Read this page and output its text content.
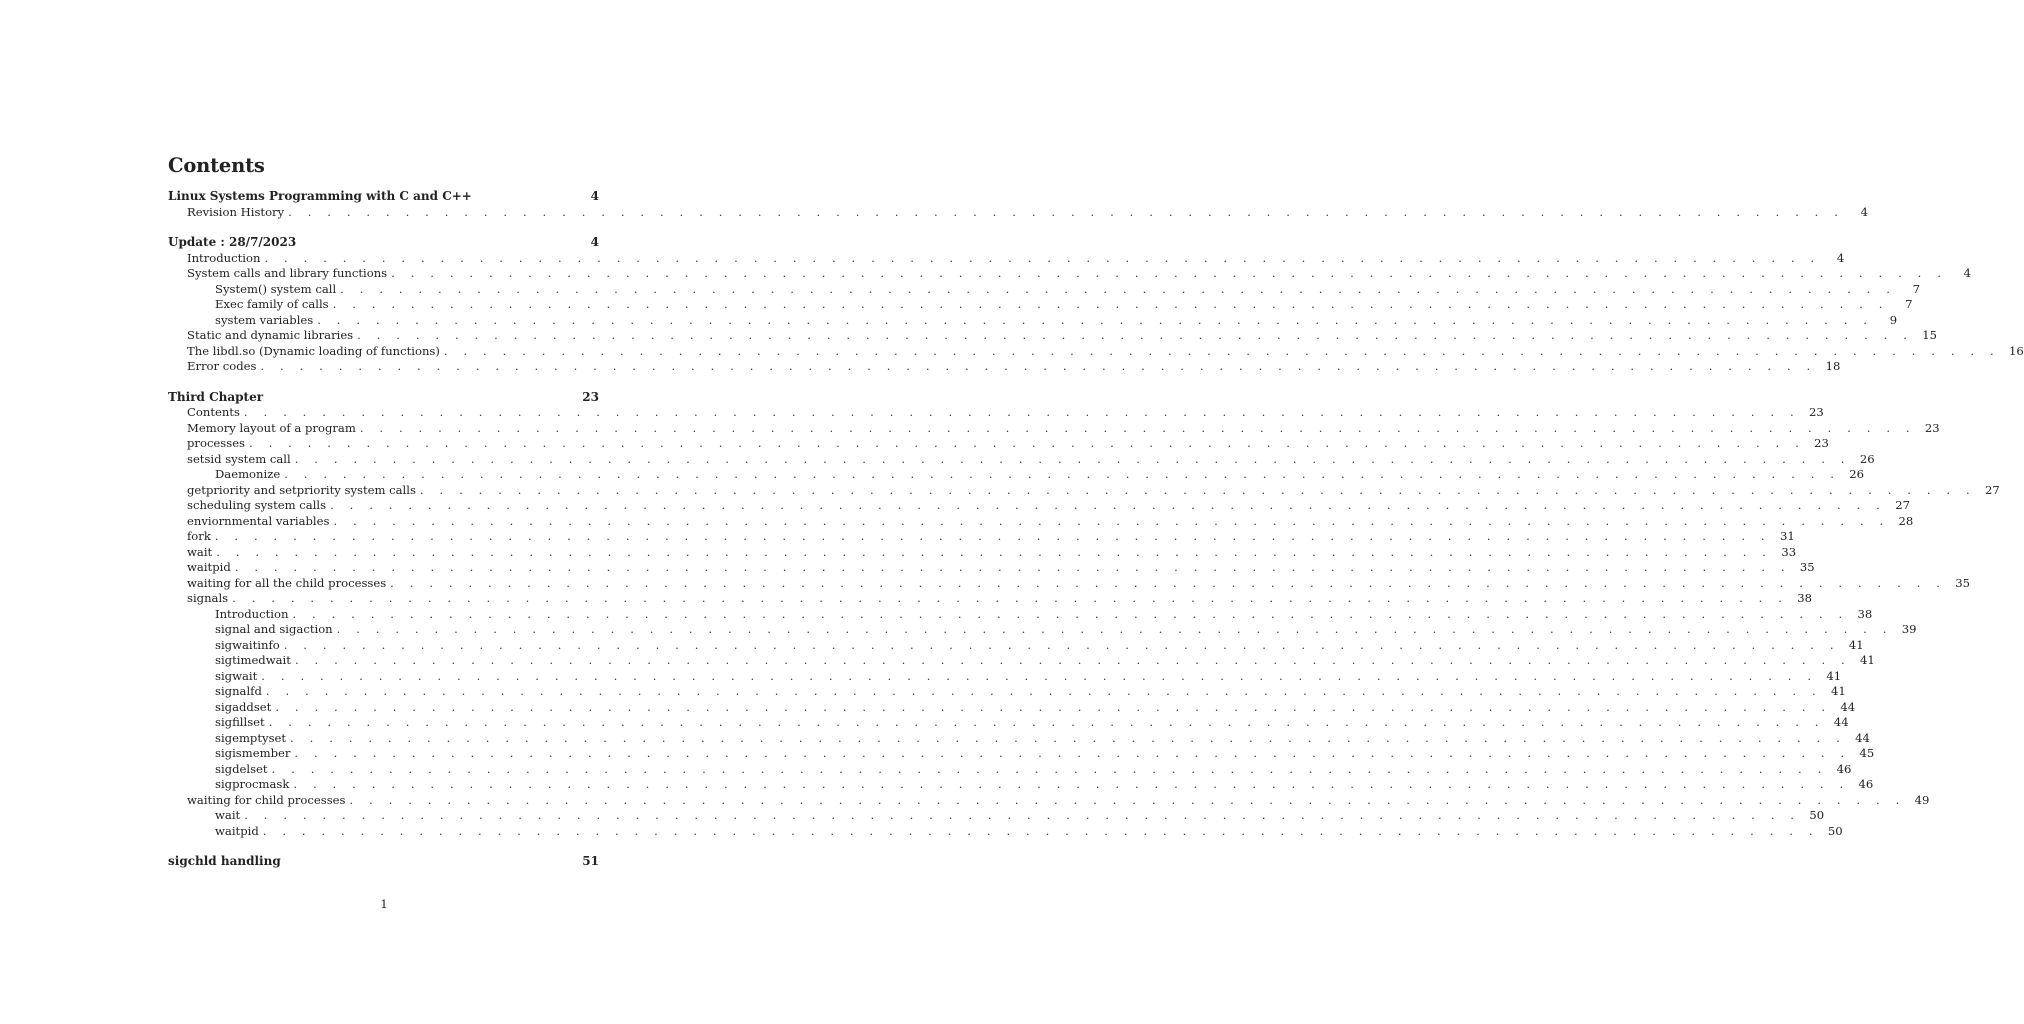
Contents
Linux Systems Programming with C and C++	4
Revision History . . . . . . . . . . . . . . . . . . . . . . . . . . . . . . . . . . . . . . . . . . . . . . . . . . . . . . . . . . . . . . . . . . . . . . . . . . . . . . . .	4
Update : 28/7/2023	4
Introduction . . . . . . . . . . . . . . . . . . . . . . . . . . . . . . . . . . . . . . . . . . . . . . . . . . . . . . . . . . . . . . . . . . . . . . . . . . . . . . . .	4
System calls and library functions . . . . . . . . . . . . . . . . . . . . . . . . . . . . . . . . . . . . . . . . . . . . . . . . . . . . . . . . . . . . . . . . . . . . . . . . . . . . . . . .	4
System() system call . . . . . . . . . . . . . . . . . . . . . . . . . . . . . . . . . . . . . . . . . . . . . . . . . . . . . . . . . . . . . . . . . . . . . . . . . . . . . . . .	7
Exec family of calls . . . . . . . . . . . . . . . . . . . . . . . . . . . . . . . . . . . . . . . . . . . . . . . . . . . . . . . . . . . . . . . . . . . . . . . . . . . . . . . .	7
system variables . . . . . . . . . . . . . . . . . . . . . . . . . . . . . . . . . . . . . . . . . . . . . . . . . . . . . . . . . . . . . . . . . . . . . . . . . . . . . . . .	9
Static and dynamic libraries . . . . . . . . . . . . . . . . . . . . . . . . . . . . . . . . . . . . . . . . . . . . . . . . . . . . . . . . . . . . . . . . . . . . . . . . . . . . . . . . 15
The libdl.so (Dynamic loading of functions) . . . . . . . . . . . . . . . . . . . . . . . . . . . . . . . . . . . . . . . . . . . . . . . . . . . . . . . . . . . . . . . . . . . . . . . . . . . . . . . . 16
Error codes . . . . . . . . . . . . . . . . . . . . . . . . . . . . . . . . . . . . . . . . . . . . . . . . . . . . . . . . . . . . . . . . . . . . . . . . . . . . . . . . 18
Third Chapter	23
Contents . . . . . . . . . . . . . . . . . . . . . . . . . . . . . . . . . . . . . . . . . . . . . . . . . . . . . . . . . . . . . . . . . . . . . . . . . . . . . . . . 23
Memory layout of a program . . . . . . . . . . . . . . . . . . . . . . . . . . . . . . . . . . . . . . . . . . . . . . . . . . . . . . . . . . . . . . . . . . . . . . . . . . . . . . . . 23
processes . . . . . . . . . . . . . . . . . . . . . . . . . . . . . . . . . . . . . . . . . . . . . . . . . . . . . . . . . . . . . . . . . . . . . . . . . . . . . . . . 23
setsid system call . . . . . . . . . . . . . . . . . . . . . . . . . . . . . . . . . . . . . . . . . . . . . . . . . . . . . . . . . . . . . . . . . . . . . . . . . . . . . . . . 26
Daemonize . . . . . . . . . . . . . . . . . . . . . . . . . . . . . . . . . . . . . . . . . . . . . . . . . . . . . . . . . . . . . . . . . . . . . . . . . . . . . . . . 26
getpriority and setpriority system calls . . . . . . . . . . . . . . . . . . . . . . . . . . . . . . . . . . . . . . . . . . . . . . . . . . . . . . . . . . . . . . . . . . . . . . . . . . . . . . . . 27
scheduling system calls . . . . . . . . . . . . . . . . . . . . . . . . . . . . . . . . . . . . . . . . . . . . . . . . . . . . . . . . . . . . . . . . . . . . . . . . . . . . . . . . 27
enviornmental variables . . . . . . . . . . . . . . . . . . . . . . . . . . . . . . . . . . . . . . . . . . . . . . . . . . . . . . . . . . . . . . . . . . . . . . . . . . . . . . . . 28
fork . . . . . . . . . . . . . . . . . . . . . . . . . . . . . . . . . . . . . . . . . . . . . . . . . . . . . . . . . . . . . . . . . . . . . . . . . . . . . . . . 31
wait . . . . . . . . . . . . . . . . . . . . . . . . . . . . . . . . . . . . . . . . . . . . . . . . . . . . . . . . . . . . . . . . . . . . . . . . . . . . . . . . 33
waitpid . . . . . . . . . . . . . . . . . . . . . . . . . . . . . . . . . . . . . . . . . . . . . . . . . . . . . . . . . . . . . . . . . . . . . . . . . . . . . . . . 35
waiting for all the child processes . . . . . . . . . . . . . . . . . . . . . . . . . . . . . . . . . . . . . . . . . . . . . . . . . . . . . . . . . . . . . . . . . . . . . . . . . . . . . . . . 35
signals . . . . . . . . . . . . . . . . . . . . . . . . . . . . . . . . . . . . . . . . . . . . . . . . . . . . . . . . . . . . . . . . . . . . . . . . . . . . . . . . 38
Introduction . . . . . . . . . . . . . . . . . . . . . . . . . . . . . . . . . . . . . . . . . . . . . . . . . . . . . . . . . . . . . . . . . . . . . . . . . . . . . . . . 38
signal and sigaction . . . . . . . . . . . . . . . . . . . . . . . . . . . . . . . . . . . . . . . . . . . . . . . . . . . . . . . . . . . . . . . . . . . . . . . . . . . . . . . . 39
sigwaitinfo . . . . . . . . . . . . . . . . . . . . . . . . . . . . . . . . . . . . . . . . . . . . . . . . . . . . . . . . . . . . . . . . . . . . . . . . . . . . . . . . 41
sigtimedwait . . . . . . . . . . . . . . . . . . . . . . . . . . . . . . . . . . . . . . . . . . . . . . . . . . . . . . . . . . . . . . . . . . . . . . . . . . . . . . . . 41
sigwait . . . . . . . . . . . . . . . . . . . . . . . . . . . . . . . . . . . . . . . . . . . . . . . . . . . . . . . . . . . . . . . . . . . . . . . . . . . . . . . . 41
signalfd . . . . . . . . . . . . . . . . . . . . . . . . . . . . . . . . . . . . . . . . . . . . . . . . . . . . . . . . . . . . . . . . . . . . . . . . . . . . . . . . 41
sigaddset . . . . . . . . . . . . . . . . . . . . . . . . . . . . . . . . . . . . . . . . . . . . . . . . . . . . . . . . . . . . . . . . . . . . . . . . . . . . . . . . 44
sigfillset . . . . . . . . . . . . . . . . . . . . . . . . . . . . . . . . . . . . . . . . . . . . . . . . . . . . . . . . . . . . . . . . . . . . . . . . . . . . . . . . 44
sigemptyset . . . . . . . . . . . . . . . . . . . . . . . . . . . . . . . . . . . . . . . . . . . . . . . . . . . . . . . . . . . . . . . . . . . . . . . . . . . . . . . . 44
sigismember . . . . . . . . . . . . . . . . . . . . . . . . . . . . . . . . . . . . . . . . . . . . . . . . . . . . . . . . . . . . . . . . . . . . . . . . . . . . . . . . 45
sigdelset . . . . . . . . . . . . . . . . . . . . . . . . . . . . . . . . . . . . . . . . . . . . . . . . . . . . . . . . . . . . . . . . . . . . . . . . . . . . . . . . 46
sigprocmask . . . . . . . . . . . . . . . . . . . . . . . . . . . . . . . . . . . . . . . . . . . . . . . . . . . . . . . . . . . . . . . . . . . . . . . . . . . . . . . . 46
waiting for child processes . . . . . . . . . . . . . . . . . . . . . . . . . . . . . . . . . . . . . . . . . . . . . . . . . . . . . . . . . . . . . . . . . . . . . . . . . . . . . . . . 49
wait . . . . . . . . . . . . . . . . . . . . . . . . . . . . . . . . . . . . . . . . . . . . . . . . . . . . . . . . . . . . . . . . . . . . . . . . . . . . . . . . 50
waitpid . . . . . . . . . . . . . . . . . . . . . . . . . . . . . . . . . . . . . . . . . . . . . . . . . . . . . . . . . . . . . . . . . . . . . . . . . . . . . . . . 50
sigchld handling	51
1
